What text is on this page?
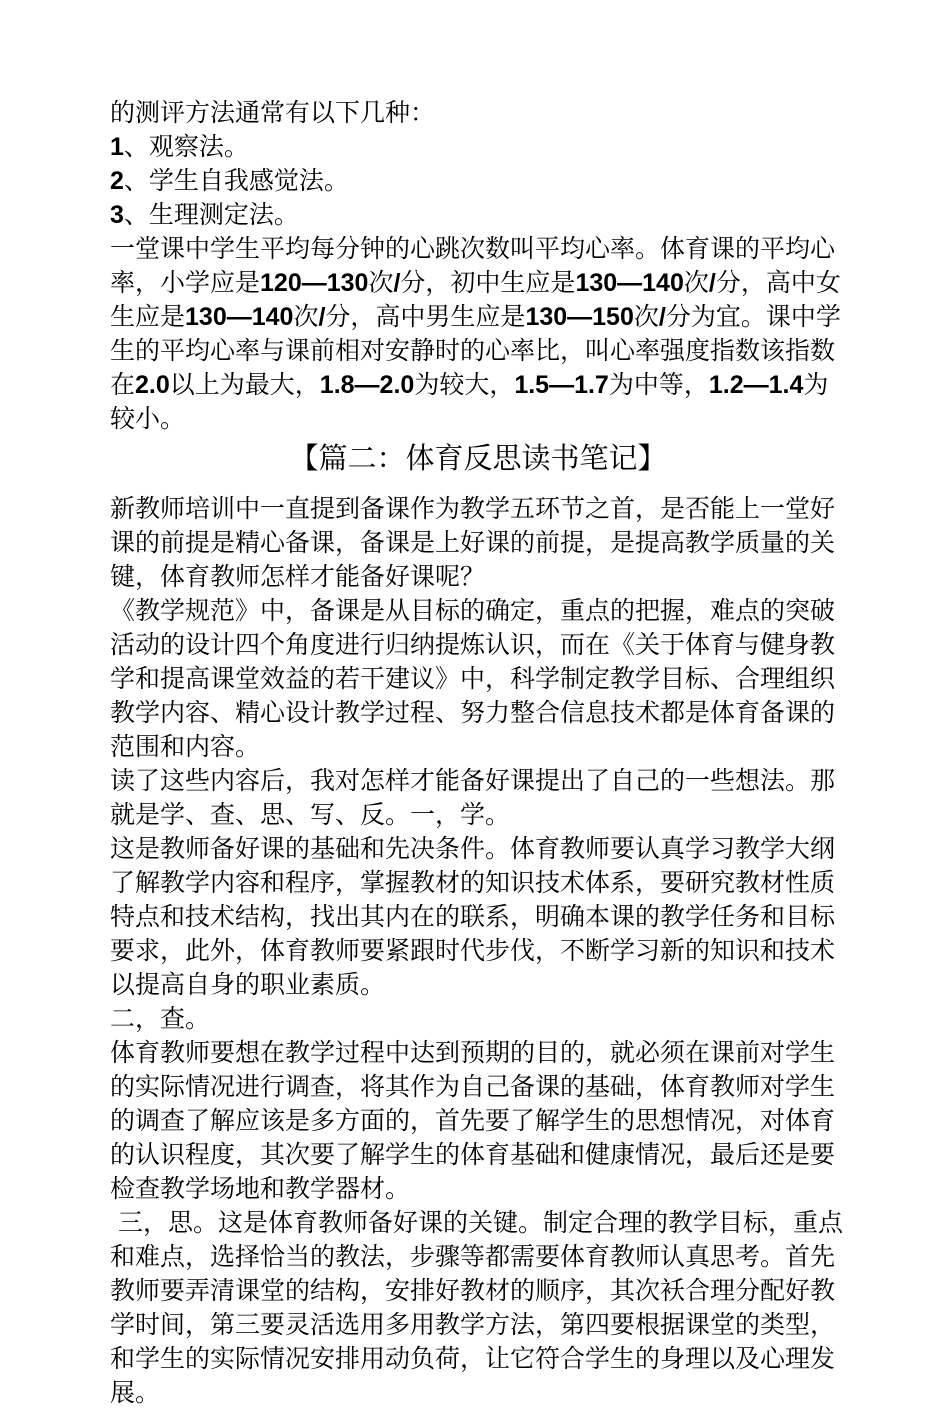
的测评方法通常有以下几种：

1、观察法。

2、学生自我感觉法。

3、生理测定法。

一堂课中学生平均每分钟的心跳次数叫平均心率。体育课的平均心率，小学应是120—130次/分，初中生应是130—140次/分，高中女生应是130—140次/分，高中男生应是130—150次/分为宜。课中学生的平均心率与课前相对安静时的心率比，叫心率强度指数该指数在2.0以上为最大，1.8—2.0为较大，1.5—1.7为中等，1.2—1.4为较小。

【篇二：体育反思读书笔记】

新教师培训中一直提到备课作为教学五环节之首，是否能上一堂好课的前提是精心备课，备课是上好课的前提，是提高教学质量的关键，体育教师怎样才能备好课呢？

《教学规范》中，备课是从目标的确定，重点的把握，难点的突破活动的设计四个角度进行归纳提炼认识，而在《关于体育与健身教学和提高课堂效益的若干建议》中，科学制定教学目标、合理组织教学内容、精心设计教学过程、努力整合信息技术都是体育备课的范围和内容。

读了这些内容后，我对怎样才能备好课提出了自己的一些想法。那就是学、查、思、写、反。一，学。

这是教师备好课的基础和先决条件。体育教师要认真学习教学大纲了解教学内容和程序，掌握教材的知识技术体系，要研究教材性质特点和技术结构，找出其内在的联系，明确本课的教学任务和目标要求，此外，体育教师要紧跟时代步伐，不断学习新的知识和技术以提高自身的职业素质。

二，查。

体育教师要想在教学过程中达到预期的目的，就必须在课前对学生的实际情况进行调查，将其作为自己备课的基础，体育教师对学生的调查了解应该是多方面的，首先要了解学生的思想情况，对体育的认识程度，其次要了解学生的体育基础和健康情况，最后还是要检查教学场地和教学器材。

三，思。这是体育教师备好课的关键。制定合理的教学目标，重点和难点，选择恰当的教法，步骤等都需要体育教师认真思考。首先教师要弄清课堂的结构，安排好教材的顺序，其次袄合理分配好教学时间，第三要灵活选用多用教学方法，第四要根据课堂的类型，和学生的实际情况安排用动负荷，让它符合学生的身理以及心理发展。
